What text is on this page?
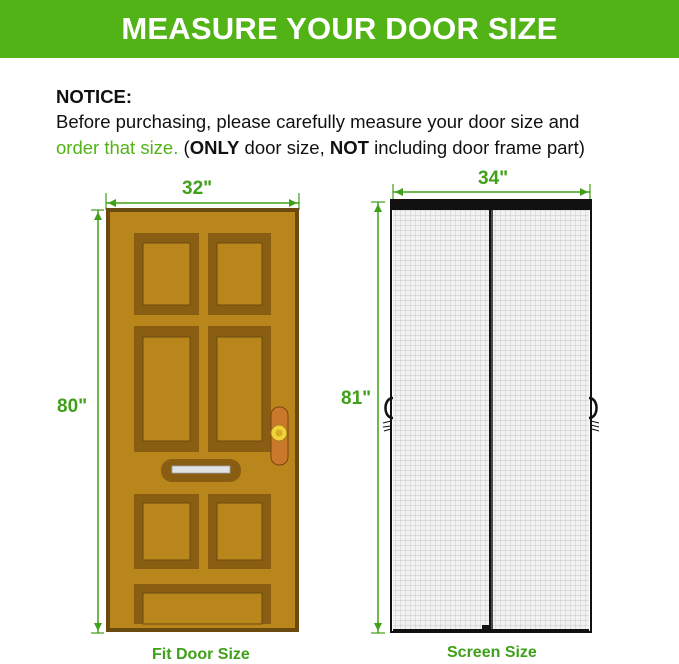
MEASURE YOUR DOOR SIZE
NOTICE:
Before purchasing, please carefully measure your door size and
order that size. (ONLY door size, NOT including door frame part)
32"
80"
Fit Door Size
34"
81"
Screen Size
